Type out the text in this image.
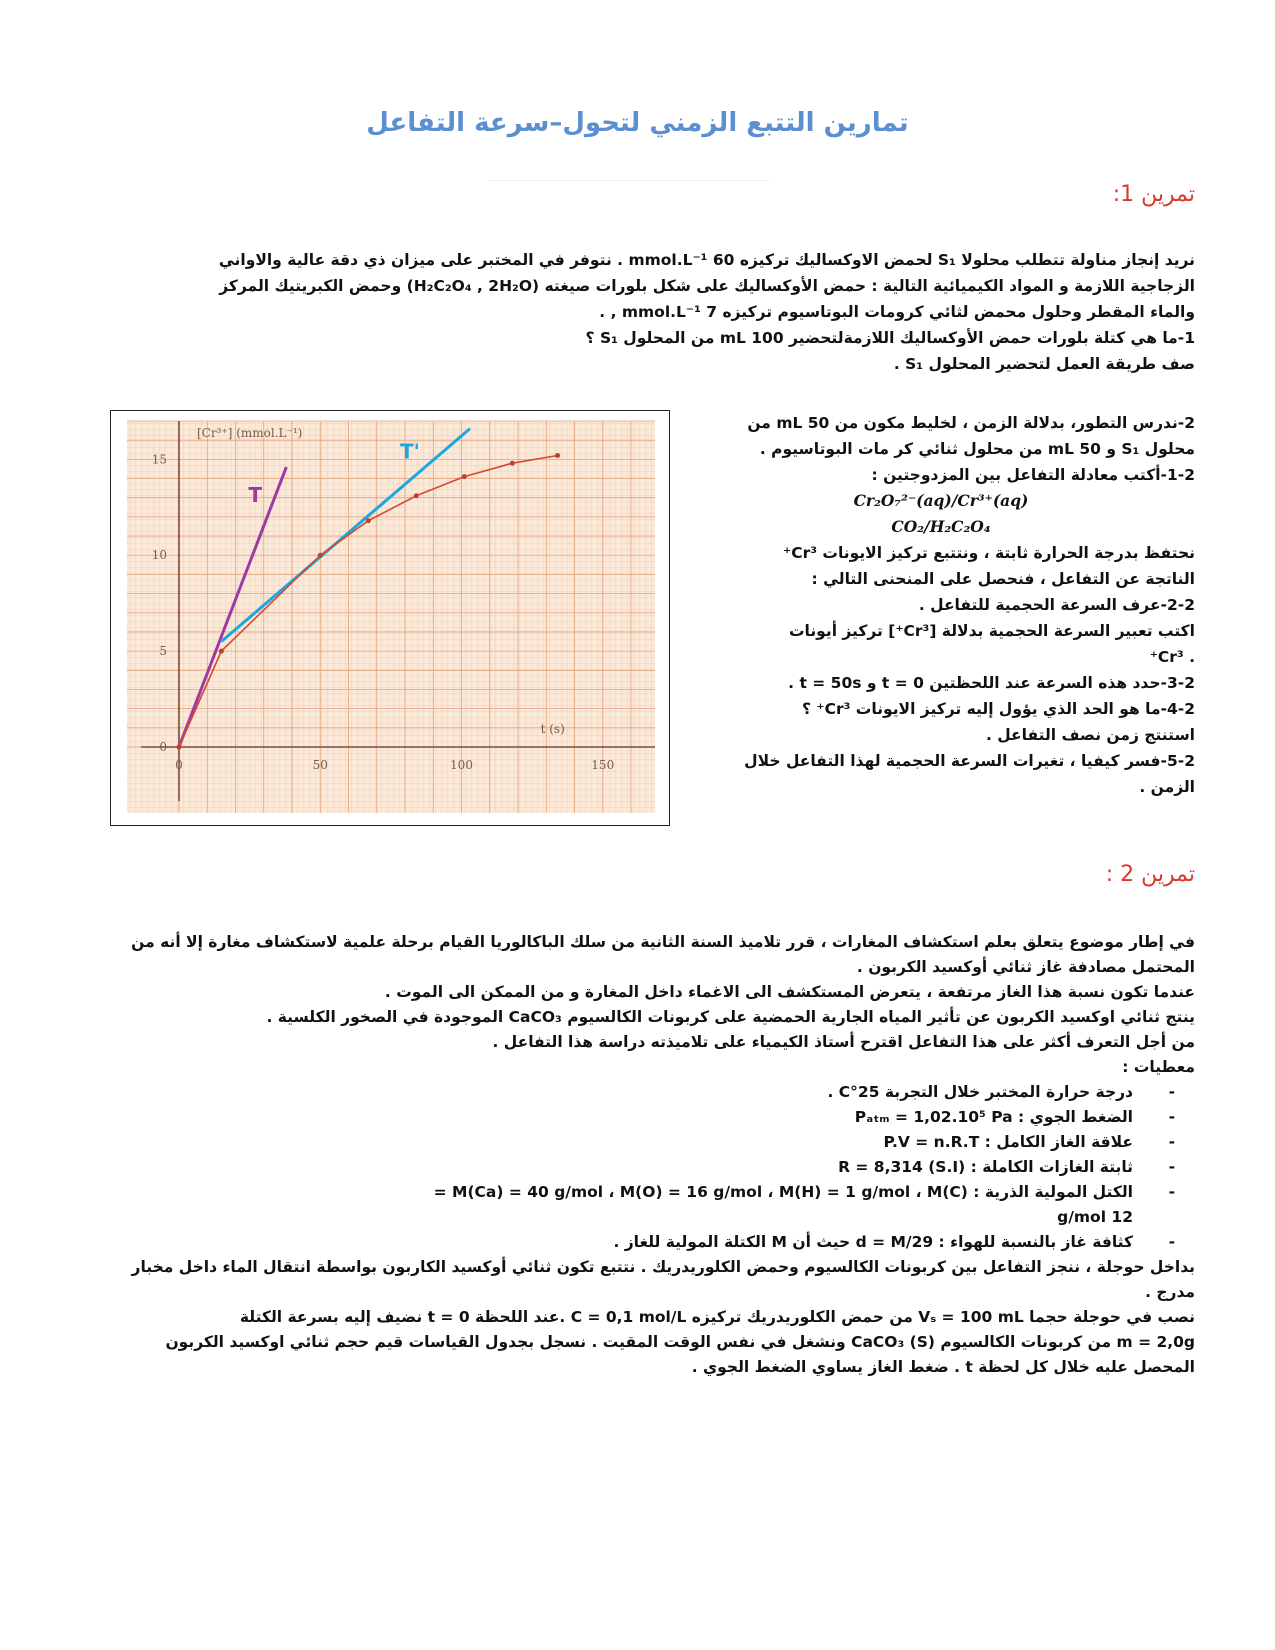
تمارين التتبع الزمني لتحول–سرعة التفاعل
تمرين 1:
نريد إنجاز مناولة تتطلب محلولا S₁ لحمض الاوكساليك تركيزه 60 mmol.L⁻¹ . نتوفر في المختبر على ميزان ذي دقة عالية والاواني
الزجاجية اللازمة و المواد الكيميائية التالية : حمض الأوكساليك على شكل بلورات صيغته (H₂C₂O₄ , 2H₂O) وحمض الكبريتيك المركز
والماء المقطر وحلول محمض لثائي كرومات البوتاسيوم تركيزه 7 mmol.L⁻¹ , .
1-ما هي كتلة بلورات حمض الأوكساليك اللازمةلتحضير 100 mL من المحلول S₁ ؟
صف طريقة العمل لتحضير المحلول S₁ .
2-ندرس التطور، بدلالة الزمن ، لخليط مكون من 50 mL من
محلول S₁ و 50 mL من محلول ثنائي كر مات البوتاسيوم .
1-2-أكتب معادلة التفاعل بين المزدوجتين :
Cr₂O₇²⁻(aq)/Cr³⁺(aq)
CO₂/H₂C₂O₄
نحتفظ بدرجة الحرارة ثابتة ، ونتتبع تركيز الايونات Cr³⁺
الناتجة عن التفاعل ، فنحصل على المنحنى التالي :
2-2-عرف السرعة الحجمية للتفاعل .
اكتب تعبير السرعة الحجمية بدلالة [Cr³⁺] تركيز أيونات
. Cr³⁺
3-2-حدد هذه السرعة عند اللحظتين t = 0 و t = 50s .
4-2-ما هو الحد الذي يؤول إليه تركيز الايونات Cr³⁺ ؟
استنتج زمن نصف التفاعل .
5-2-فسر كيفيا ، تغيرات السرعة الحجمية لهذا التفاعل خلال
الزمن .
0	50	100	150
0
5
10
15
T
T'
[Cr³⁺] (mmol.L⁻¹)
t (s)
تمرين 2 :
في إطار موضوع يتعلق بعلم استكشاف المغارات ، قرر تلاميذ السنة الثانية من سلك الباكالوريا القيام برحلة علمية لاستكشاف مغارة إلا أنه من
المحتمل مصادفة غاز ثنائي أوكسيد الكربون .
عندما تكون نسبة هذا الغاز مرتفعة ، يتعرض المستكشف الى الاغماء داخل المغارة و من الممكن الى الموت .
ينتج ثنائي اوكسيد الكربون عن تأثير المياه الجارية الحمضية على كربونات الكالسيوم CaCO₃ الموجودة في الصخور الكلسية .
من أجل التعرف أكثر على هذا التفاعل اقترح أستاذ الكيمياء على تلاميذته دراسة هذا التفاعل .
معطيات :
- درجة حرارة المختبر خلال التجربة 25°C .
- الضغط الجوي : Pₐₜₘ = 1,02.10⁵ Pa
- علاقة الغاز الكامل : P.V = n.R.T
- ثابتة الغازات الكاملة : R = 8,314 (S.I)
- الكتل المولية الذرية : M(Ca) = 40 g/mol ، M(O) = 16 g/mol ، M(H) = 1 g/mol ، M(C) =
12 g/mol
- كثافة غاز بالنسبة للهواء : d = M/29 حيث أن M الكتلة المولية للغاز .
بداخل حوجلة ، ننجز التفاعل بين كربونات الكالسيوم وحمض الكلوريدريك . نتتبع تكون ثنائي أوكسيد الكاربون بواسطة انتقال الماء داخل مخبار
مدرج .
نصب في حوجلة حجما Vₛ = 100 mL من حمض الكلوريدريك تركيزه C = 0,1 mol/L .عند اللحظة t = 0 نضيف إليه بسرعة الكتلة
m = 2,0g من كربونات الكالسيوم CaCO₃ (S) ونشغل في نفس الوقت المقيت . نسجل بجدول القياسات قيم حجم ثنائي اوكسيد الكربون
المحصل عليه خلال كل لحظة t . ضغط الغاز يساوي الضغط الجوي .
